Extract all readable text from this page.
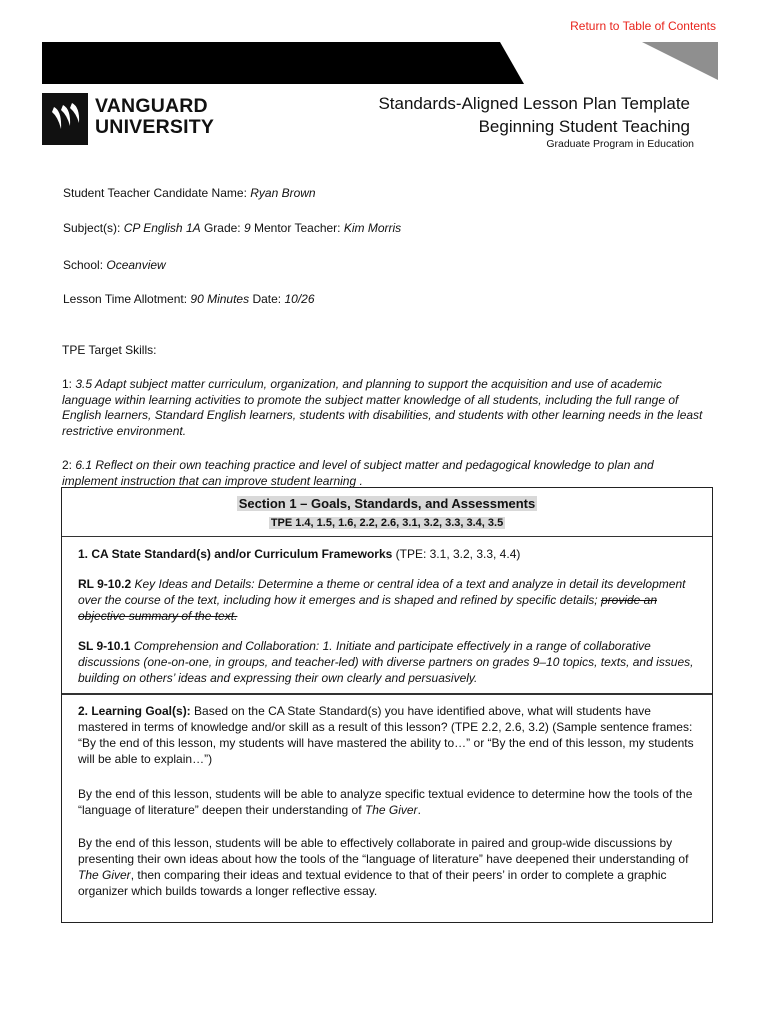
Return to Table of Contents
VANGUARD
UNIVERSITY
Standards-Aligned Lesson Plan Template
Beginning Student Teaching
Graduate Program in Education
Student Teacher Candidate Name: Ryan Brown
Subject(s): CP English 1A Grade: 9 Mentor Teacher: Kim Morris
School: Oceanview
Lesson Time Allotment: 90 Minutes Date: 10/26
TPE Target Skills:
1: 3.5 Adapt subject matter curriculum, organization, and planning to support the acquisition and use of academic language within learning activities to promote the subject matter knowledge of all students, including the full range of English learners, Standard English learners, students with disabilities, and students with other learning needs in the least restrictive environment.
2: 6.1 Reflect on their own teaching practice and level of subject matter and pedagogical knowledge to plan and implement instruction that can improve student learning .
Section 1 – Goals, Standards, and Assessments
TPE 1.4, 1.5, 1.6, 2.2, 2.6, 3.1, 3.2, 3.3, 3.4, 3.5
1. CA State Standard(s) and/or Curriculum Frameworks (TPE: 3.1, 3.2, 3.3, 4.4)
RL 9-10.2 Key Ideas and Details: Determine a theme or central idea of a text and analyze in detail its development over the course of the text, including how it emerges and is shaped and refined by specific details; provide an objective summary of the text.
SL 9-10.1 Comprehension and Collaboration: 1. Initiate and participate effectively in a range of collaborative discussions (one-on-one, in groups, and teacher-led) with diverse partners on grades 9–10 topics, texts, and issues, building on others’ ideas and expressing their own clearly and persuasively.
2. Learning Goal(s): Based on the CA State Standard(s) you have identified above, what will students have mastered in terms of knowledge and/or skill as a result of this lesson? (TPE 2.2, 2.6, 3.2) (Sample sentence frames: “By the end of this lesson, my students will have mastered the ability to…” or “By the end of this lesson, my students will be able to explain…”)
By the end of this lesson, students will be able to analyze specific textual evidence to determine how the tools of the “language of literature” deepen their understanding of The Giver.
By the end of this lesson, students will be able to effectively collaborate in paired and group-wide discussions by presenting their own ideas about how the tools of the “language of literature” have deepened their understanding of The Giver, then comparing their ideas and textual evidence to that of their peers’ in order to complete a graphic organizer which builds towards a longer reflective essay.
